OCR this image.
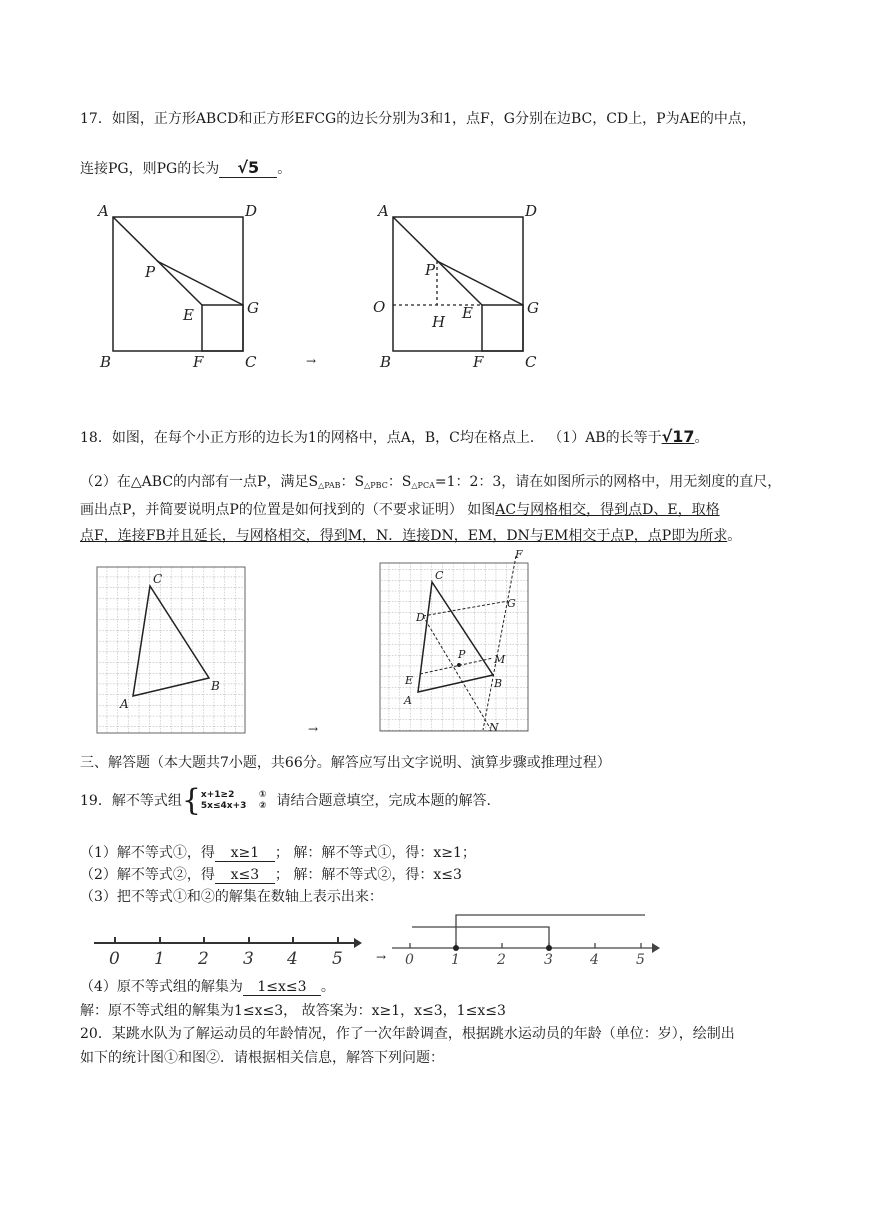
17．如图，正方形ABCD和正方形EFCG的边长分别为3和1，点F，G分别在边BC，CD上，P为AE的中点，
连接PG，则PG的长为 √5 。
A	D
P
G
E
B	F	C	→
A	D
P
O	G
H E
B	F	C
18．如图，在每个小正方形的边长为1的网格中，点A，B，C均在格点上． （1）AB的长等于√17。
（2）在△ABC的内部有一点P，满足$S_{\triangle PAB}$：$S_{\triangle PBC}$：$S_{\triangle PCA}=1$：2：3，请在如图所示的网格中，用无刻度的直尺，
画出点P，并简要说明点P的位置是如何找到的（不要求证明） 如图AC与网格相交，得到点D、E，取格
点F，连接FB并且延长，与网格相交，得到M，N．连接DN，EM，DN与EM相交于点P，点P即为所求。
C
A
B
→
F
C
G
D
P	M
E	B
A
N
三、解答题（本大题共7小题，共66分。解答应写出文字说明、演算步骤或推理过程）
19．解不等式组{x+1≥2
5x≤4x+3 ①
② 请结合题意填空，完成本题的解答.
（1）解不等式①，得 x≥1 ； 解：解不等式①，得：x≥1；
（2）解不等式②，得 x≤3 ； 解：解不等式②，得：x≤3
（3）把不等式①和②的解集在数轴上表示出来：
0 1 2 3 4 5	→ 0	1	2	3	4	5
（4）原不等式组的解集为 1≤x≤3 。
解：原不等式组的解集为1≤x≤3， 故答案为：x≥1，x≤3，1≤x≤3
20．某跳水队为了解运动员的年龄情况，作了一次年龄调查，根据跳水运动员的年龄（单位：岁），绘制出
如下的统计图①和图②．请根据相关信息，解答下列问题：
